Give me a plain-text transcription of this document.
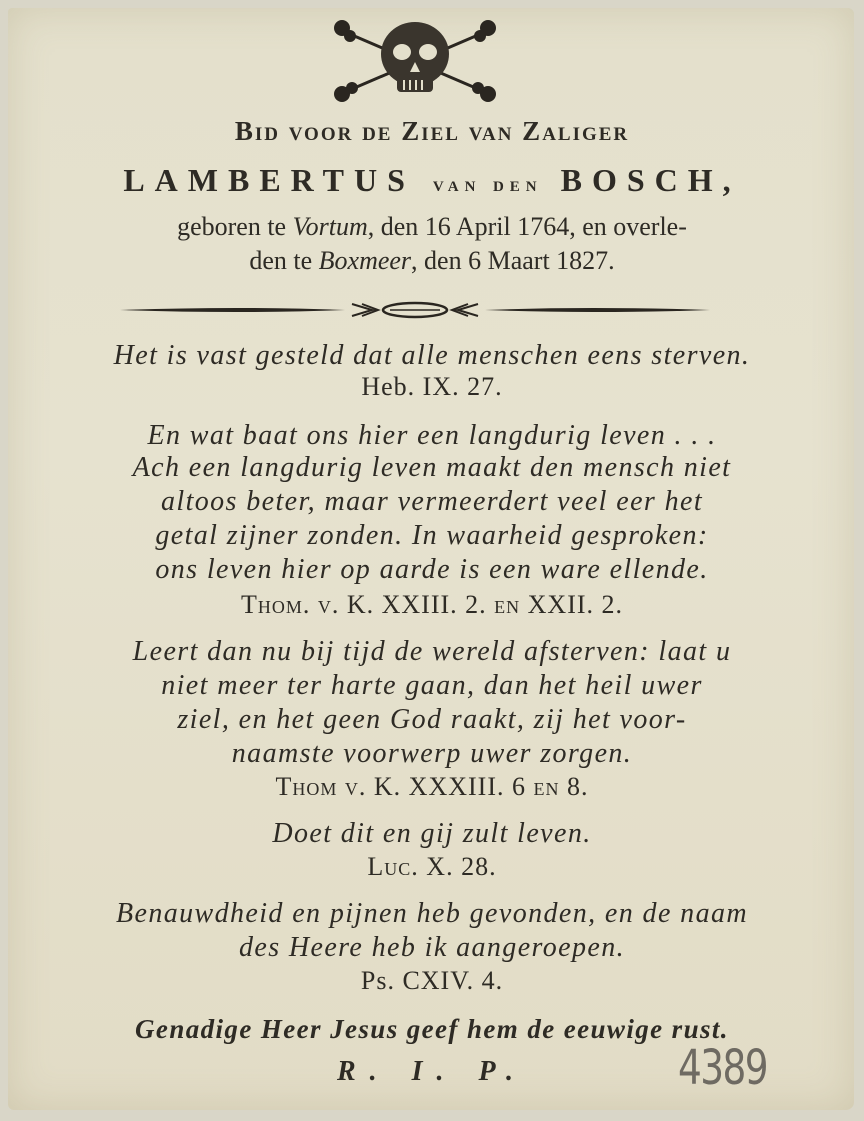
Bid voor de Ziel van Zaliger
LAMBERTUS van den BOSCH,
geboren te Vortum, den 16 April 1764, en overle-
den te Boxmeer, den 6 Maart 1827.
Het is vast gesteld dat alle menschen eens sterven.
Heb. IX. 27.
En wat baat ons hier een langdurig leven . . .
Ach een langdurig leven maakt den mensch niet
altoos beter, maar vermeerdert veel eer het
getal zijner zonden. In waarheid gesproken:
ons leven hier op aarde is een ware ellende.
Thom. v. K. XXIII. 2. en XXII. 2.
Leert dan nu bij tijd de wereld afsterven: laat u
niet meer ter harte gaan, dan het heil uwer
ziel, en het geen God raakt, zij het voor-
naamste voorwerp uwer zorgen.
Thom v. K. XXXIII. 6 en 8.
Doet dit en gij zult leven.
Luc. X. 28.
Benauwdheid en pijnen heb gevonden, en de naam
des Heere heb ik aangeroepen.
Ps. CXIV. 4.
Genadige Heer Jesus geef hem de eeuwige rust.
R. I. P.	4389
